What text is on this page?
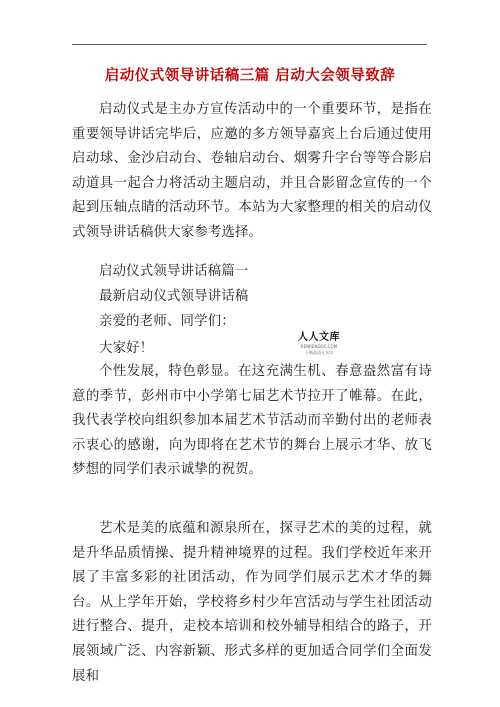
启动仪式领导讲话稿三篇 启动大会领导致辞

启动仪式是主办方宣传活动中的一个重要环节，是指在重要领导讲话完毕后，应邀的多方领导嘉宾上台后通过使用启动球、金沙启动台、卷轴启动台、烟雾升字台等等合影启动道具一起合力将活动主题启动，并且合影留念宣传的一个起到压轴点睛的活动环节。本站为大家整理的相关的启动仪式领导讲话稿供大家参考选择。

启动仪式领导讲话稿篇一

最新启动仪式领导讲话稿

亲爱的老师、同学们：

大家好！

人人文库
RENRENDOC.COM
下载高清无水印

个性发展，特色彰显。在这充满生机、春意盎然富有诗意的季节，彭州市中小学第七届艺术节拉开了帷幕。在此，我代表学校向组织参加本届艺术节活动而辛勤付出的老师表示衷心的感谢，向为即将在艺术节的舞台上展示才华、放飞梦想的同学们表示诚挚的祝贺。

艺术是美的底蕴和源泉所在，探寻艺术的美的过程，就是升华品质情操、提升精神境界的过程。我们学校近年来开展了丰富多彩的社团活动，作为同学们展示艺术才华的舞台。从上学年开始，学校将乡村少年宫活动与学生社团活动进行整合、提升，走校本培训和校外辅导相结合的路子，开展领域广泛、内容新颖、形式多样的更加适合同学们全面发展和
